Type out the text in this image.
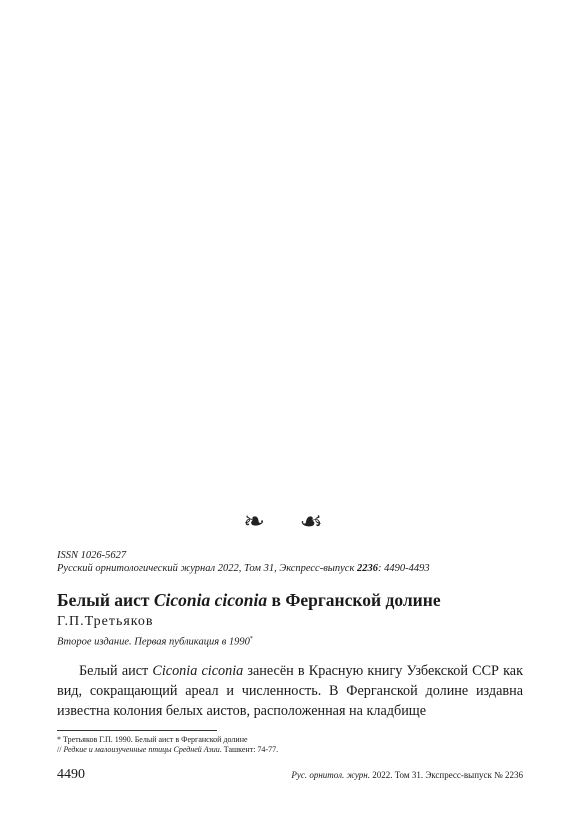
❧ ☙
ISSN 1026-5627
Русский орнитологический журнал 2022, Том 31, Экспресс-выпуск 2236: 4490-4493
Белый аист Ciconia ciconia в Ферганской долине
Г.П.Третьяков
Второе издание. Первая публикация в 1990*

Белый аист Ciconia ciconia занесён в Красную книгу Узбекской ССР как вид, сокращающий ареал и численность. В Ферганской долине издавна известна колония белых аистов, расположенная на кладбище

* Третьяков Г.П. 1990. Белый аист в Ферганской долине
// Редкие и малоизученные птицы Средней Азии. Ташкент: 74-77.
4490	Рус. орнитол. журн. 2022. Том 31. Экспресс-выпуск № 2236
